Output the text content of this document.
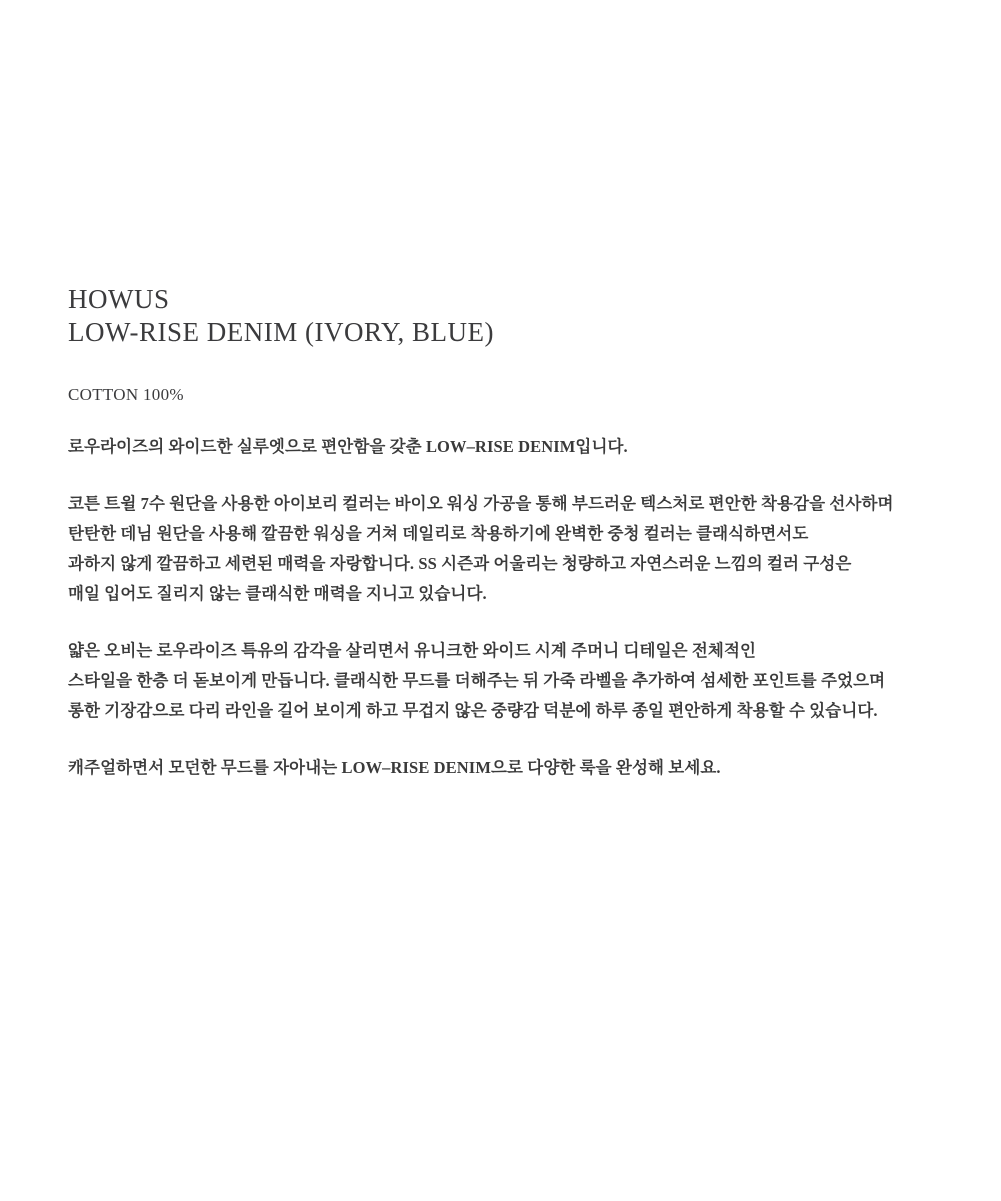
HOWUS
LOW-RISE DENIM (IVORY, BLUE)
COTTON 100%
로우라이즈의 와이드한 실루엣으로 편안함을 갖춘 LOW–RISE DENIM입니다.
코튼 트윌 7수 원단을 사용한 아이보리 컬러는 바이오 워싱 가공을 통해 부드러운 텍스처로 편안한 착용감을 선사하며
탄탄한 데님 원단을 사용해 깔끔한 워싱을 거쳐 데일리로 착용하기에 완벽한 중청 컬러는 클래식하면서도
과하지 않게 깔끔하고 세련된 매력을 자랑합니다. SS 시즌과 어울리는 청량하고 자연스러운 느낌의 컬러 구성은
매일 입어도 질리지 않는 클래식한 매력을 지니고 있습니다.
얇은 오비는 로우라이즈 특유의 감각을 살리면서 유니크한 와이드 시계 주머니 디테일은 전체적인
스타일을 한층 더 돋보이게 만듭니다. 클래식한 무드를 더해주는 뒤 가죽 라벨을 추가하여 섬세한 포인트를 주었으며
롱한 기장감으로 다리 라인을 길어 보이게 하고 무겁지 않은 중량감 덕분에 하루 종일 편안하게 착용할 수 있습니다.
캐주얼하면서 모던한 무드를 자아내는 LOW–RISE DENIM으로 다양한 룩을 완성해 보세요.
